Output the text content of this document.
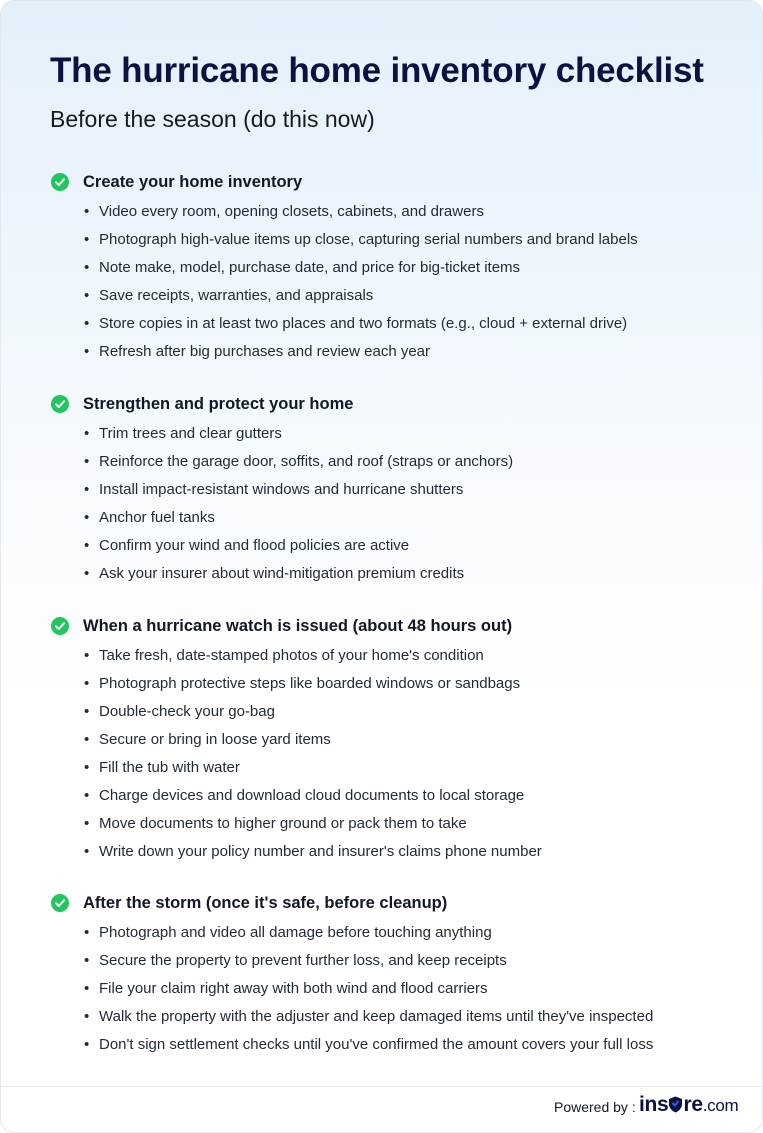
The hurricane home inventory checklist
Before the season (do this now)
Create your home inventory
• Video every room, opening closets, cabinets, and drawers
• Photograph high-value items up close, capturing serial numbers and brand labels
• Note make, model, purchase date, and price for big-ticket items
• Save receipts, warranties, and appraisals
• Store copies in at least two places and two formats (e.g., cloud + external drive)
• Refresh after big purchases and review each year
Strengthen and protect your home
• Trim trees and clear gutters
• Reinforce the garage door, soffits, and roof (straps or anchors)
• Install impact-resistant windows and hurricane shutters
• Anchor fuel tanks
• Confirm your wind and flood policies are active
• Ask your insurer about wind-mitigation premium credits
When a hurricane watch is issued (about 48 hours out)
• Take fresh, date-stamped photos of your home's condition
• Photograph protective steps like boarded windows or sandbags
• Double-check your go-bag
• Secure or bring in loose yard items
• Fill the tub with water
• Charge devices and download cloud documents to local storage
• Move documents to higher ground or pack them to take
• Write down your policy number and insurer's claims phone number
After the storm (once it's safe, before cleanup)
• Photograph and video all damage before touching anything
• Secure the property to prevent further loss, and keep receipts
• File your claim right away with both wind and flood carriers
• Walk the property with the adjuster and keep damaged items until they've inspected
• Don't sign settlement checks until you've confirmed the amount covers your full loss
Powered by : ins re.com
